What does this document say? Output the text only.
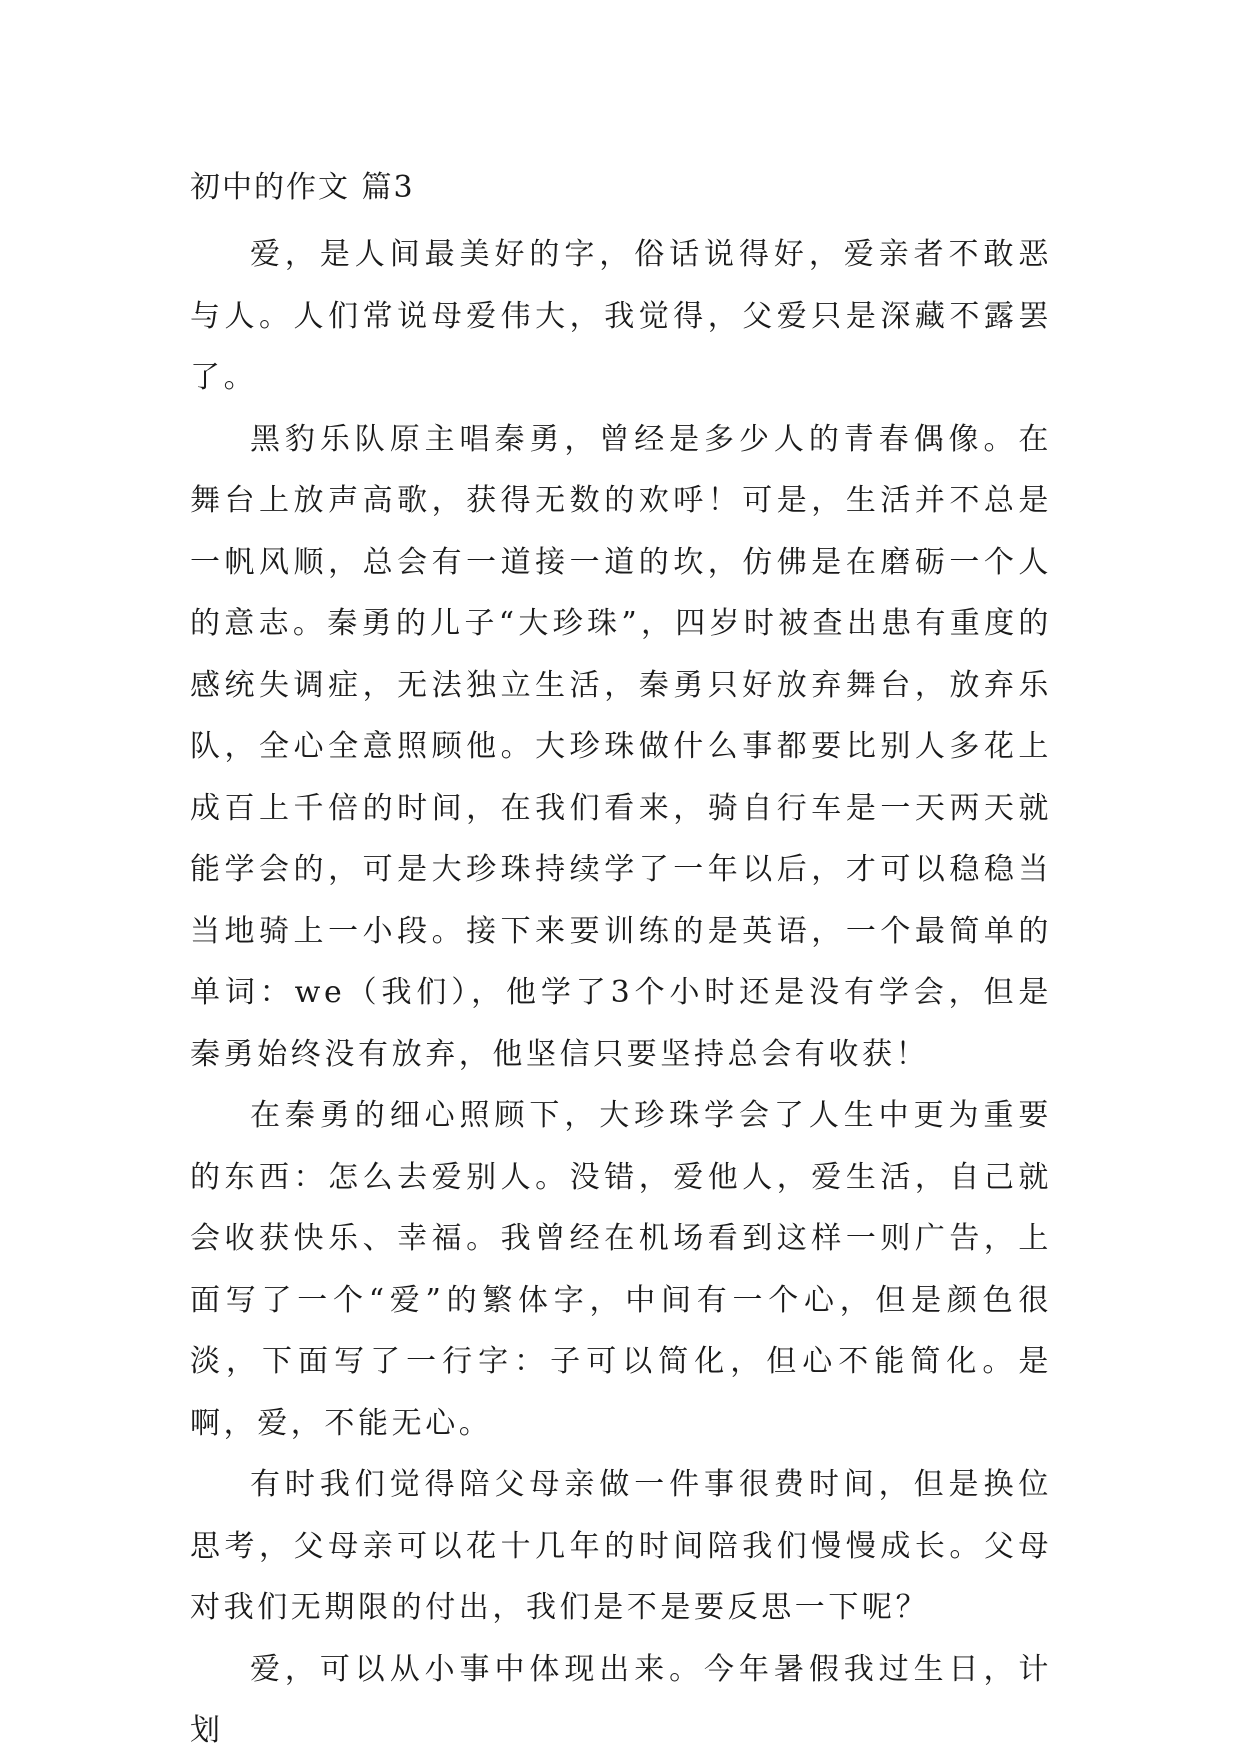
初中的作文 篇3

爱，是人间最美好的字，俗话说得好，爱亲者不敢恶与人。人们常说母爱伟大，我觉得，父爱只是深藏不露罢了。

黑豹乐队原主唱秦勇，曾经是多少人的青春偶像。在舞台上放声高歌，获得无数的欢呼！可是，生活并不总是一帆风顺，总会有一道接一道的坎，仿佛是在磨砺一个人的意志。秦勇的儿子“大珍珠”，四岁时被查出患有重度的感统失调症，无法独立生活，秦勇只好放弃舞台，放弃乐队，全心全意照顾他。大珍珠做什么事都要比别人多花上成百上千倍的时间，在我们看来，骑自行车是一天两天就能学会的，可是大珍珠持续学了一年以后，才可以稳稳当当地骑上一小段。接下来要训练的是英语，一个最简单的单词：we（我们），他学了3个小时还是没有学会，但是秦勇始终没有放弃，他坚信只要坚持总会有收获！

在秦勇的细心照顾下，大珍珠学会了人生中更为重要的东西：怎么去爱别人。没错，爱他人，爱生活，自己就会收获快乐、幸福。我曾经在机场看到这样一则广告，上面写了一个“爱”的繁体字，中间有一个心，但是颜色很淡，下面写了一行字：子可以简化，但心不能简化。是啊，爱，不能无心。

有时我们觉得陪父母亲做一件事很费时间，但是换位思考，父母亲可以花十几年的时间陪我们慢慢成长。父母对我们无期限的付出，我们是不是要反思一下呢？

爱，可以从小事中体现出来。今年暑假我过生日，计划
